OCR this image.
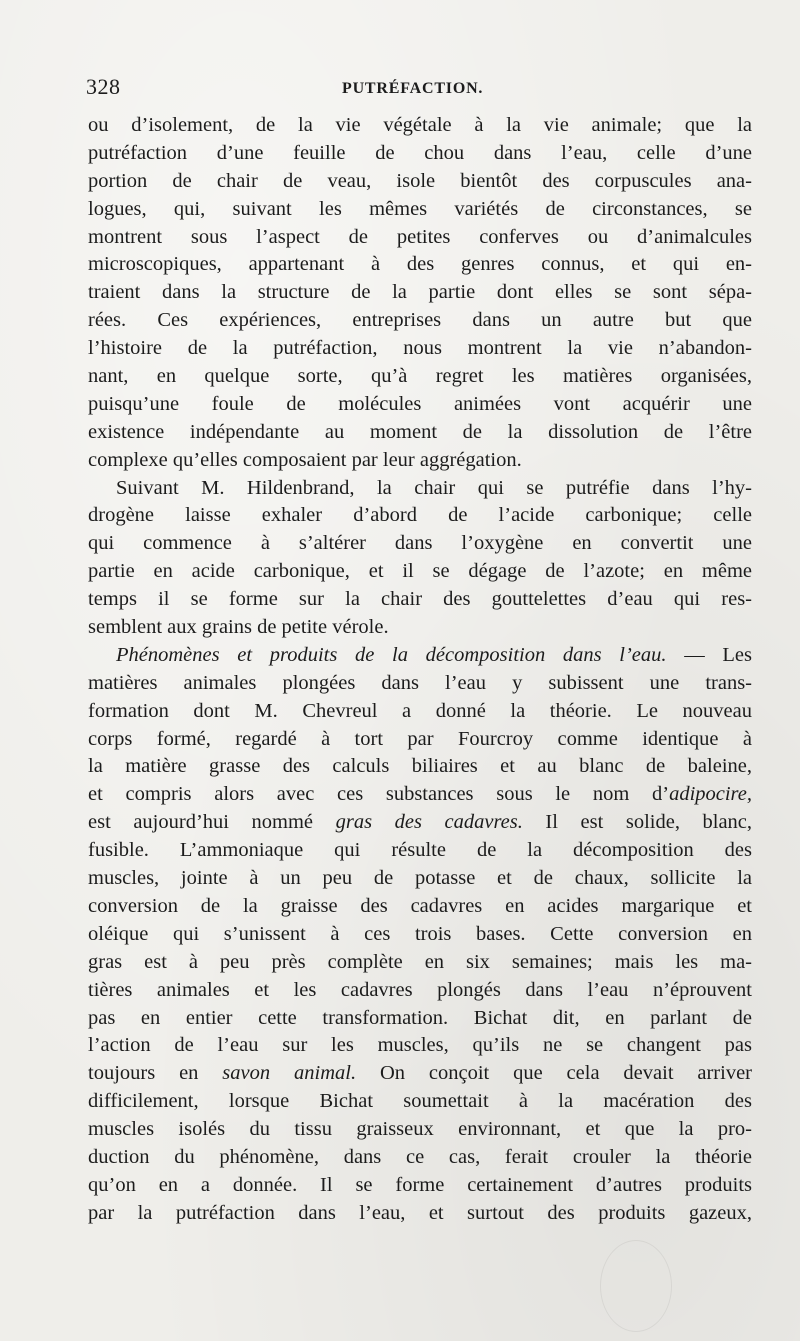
328	PUTRÉFACTION.
ou d’isolement, de la vie végétale à la vie animale; que la
putréfaction d’une feuille de chou dans l’eau, celle d’une
portion de chair de veau, isole bientôt des corpuscules ana-
logues, qui, suivant les mêmes variétés de circonstances, se
montrent sous l’aspect de petites conferves ou d’animalcules
microscopiques, appartenant à des genres connus, et qui en-
traient dans la structure de la partie dont elles se sont sépa-
rées. Ces expériences, entreprises dans un autre but que
l’histoire de la putréfaction, nous montrent la vie n’abandon-
nant, en quelque sorte, qu’à regret les matières organisées,
puisqu’une foule de molécules animées vont acquérir une
existence indépendante au moment de la dissolution de l’être
complexe qu’elles composaient par leur aggrégation.
Suivant M. Hildenbrand, la chair qui se putréfie dans l’hy-
drogène laisse exhaler d’abord de l’acide carbonique; celle
qui commence à s’altérer dans l’oxygène en convertit une
partie en acide carbonique, et il se dégage de l’azote; en même
temps il se forme sur la chair des gouttelettes d’eau qui res-
semblent aux grains de petite vérole.
Phénomènes et produits de la décomposition dans l’eau. — Les
matières animales plongées dans l’eau y subissent une trans-
formation dont M. Chevreul a donné la théorie. Le nouveau
corps formé, regardé à tort par Fourcroy comme identique à
la matière grasse des calculs biliaires et au blanc de baleine,
et compris alors avec ces substances sous le nom d’adipocire,
est aujourd’hui nommé gras des cadavres. Il est solide, blanc,
fusible. L’ammoniaque qui résulte de la décomposition des
muscles, jointe à un peu de potasse et de chaux, sollicite la
conversion de la graisse des cadavres en acides margarique et
oléique qui s’unissent à ces trois bases. Cette conversion en
gras est à peu près complète en six semaines; mais les ma-
tières animales et les cadavres plongés dans l’eau n’éprouvent
pas en entier cette transformation. Bichat dit, en parlant de
l’action de l’eau sur les muscles, qu’ils ne se changent pas
toujours en savon animal. On conçoit que cela devait arriver
difficilement, lorsque Bichat soumettait à la macération des
muscles isolés du tissu graisseux environnant, et que la pro-
duction du phénomène, dans ce cas, ferait crouler la théorie
qu’on en a donnée. Il se forme certainement d’autres produits
par la putréfaction dans l’eau, et surtout des produits gazeux,
